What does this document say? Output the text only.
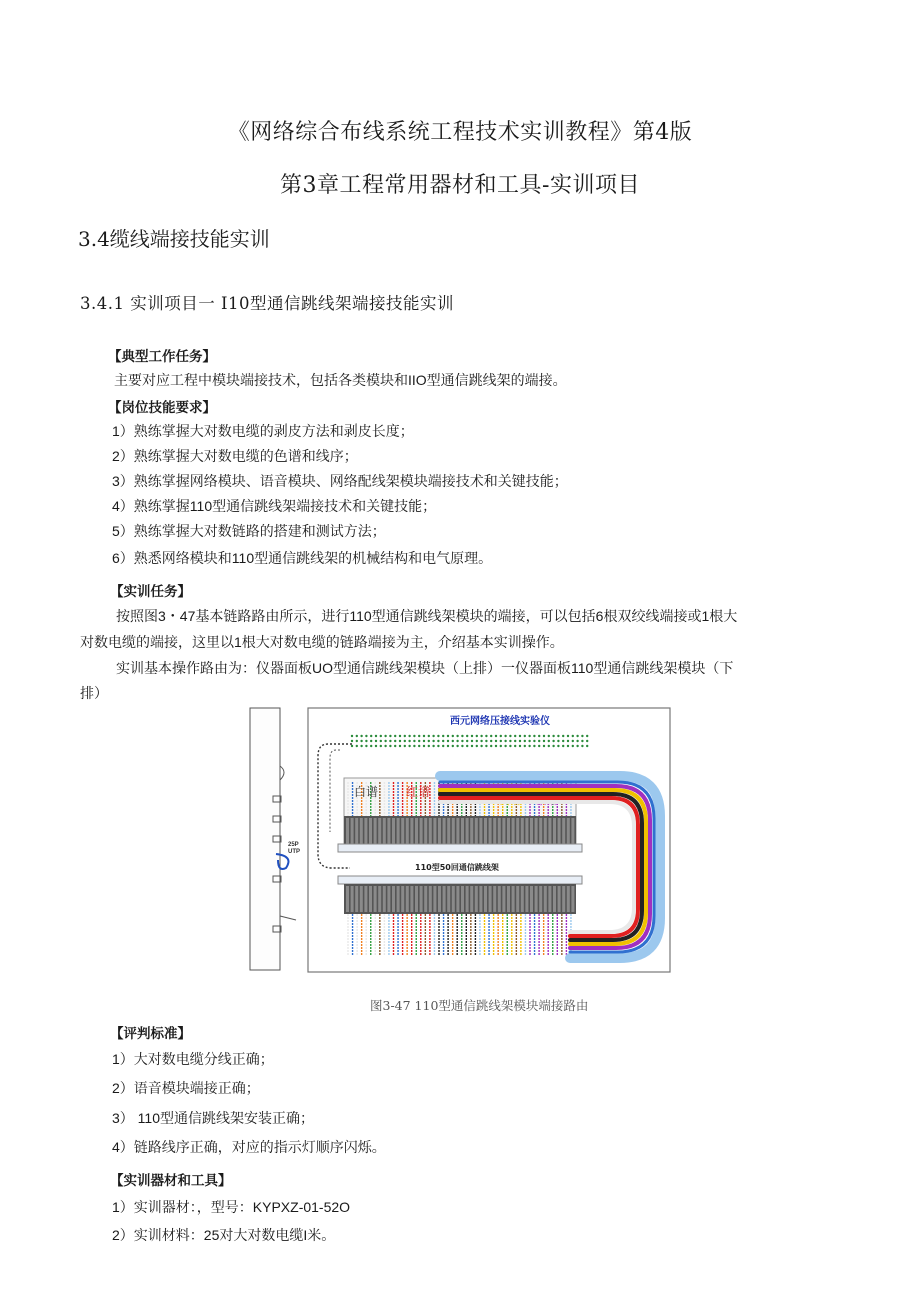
《网络综合布线系统工程技术实训教程》第4版
第3章工程常用器材和工具-实训项目
3.4缆线端接技能实训
3.4.1 实训项目一 I10型通信跳线架端接技能实训
【典型工作任务】
主要对应工程中模块端接技术，包括各类模块和IIO型通信跳线架的端接。
【岗位技能要求】
1）熟练掌握大对数电缆的剥皮方法和剥皮长度；
2）熟练掌握大对数电缆的色谱和线序；
3）熟练掌握网络模块、语音模块、网络配线架模块端接技术和关键技能；
4）熟练掌握110型通信跳线架端接技术和关键技能；
5）熟练掌握大对数链路的搭建和测试方法；
6）熟悉网络模块和110型通信跳线架的机械结构和电气原理。
【实训任务】
按照图3・47基本链路路由所示，进行110型通信跳线架模块的端接，可以包括6根双绞线端接或1根大
对数电缆的端接，这里以1根大对数电缆的链路端接为主，介绍基本实训操作。
实训基本操作路由为：仪器面板UO型通信跳线架模块（上排）一仪器面板110型通信跳线架模块（下
排）
25P
UTP
西元网络压接线实验仪
白谱 红谱 黑谱 黄谱 紫谱
110型50回通信跳线架
图3-47 110型通信跳线架模块端接路由
【评判标准】
1）大对数电缆分线正确；
2）语音模块端接正确；
3） 110型通信跳线架安装正确；
4）链路线序正确，对应的指示灯顺序闪烁。
【实训器材和工具】
1）实训器材：，型号：KYPXZ-01-52O
2）实训材料：25对大对数电缆I米。
